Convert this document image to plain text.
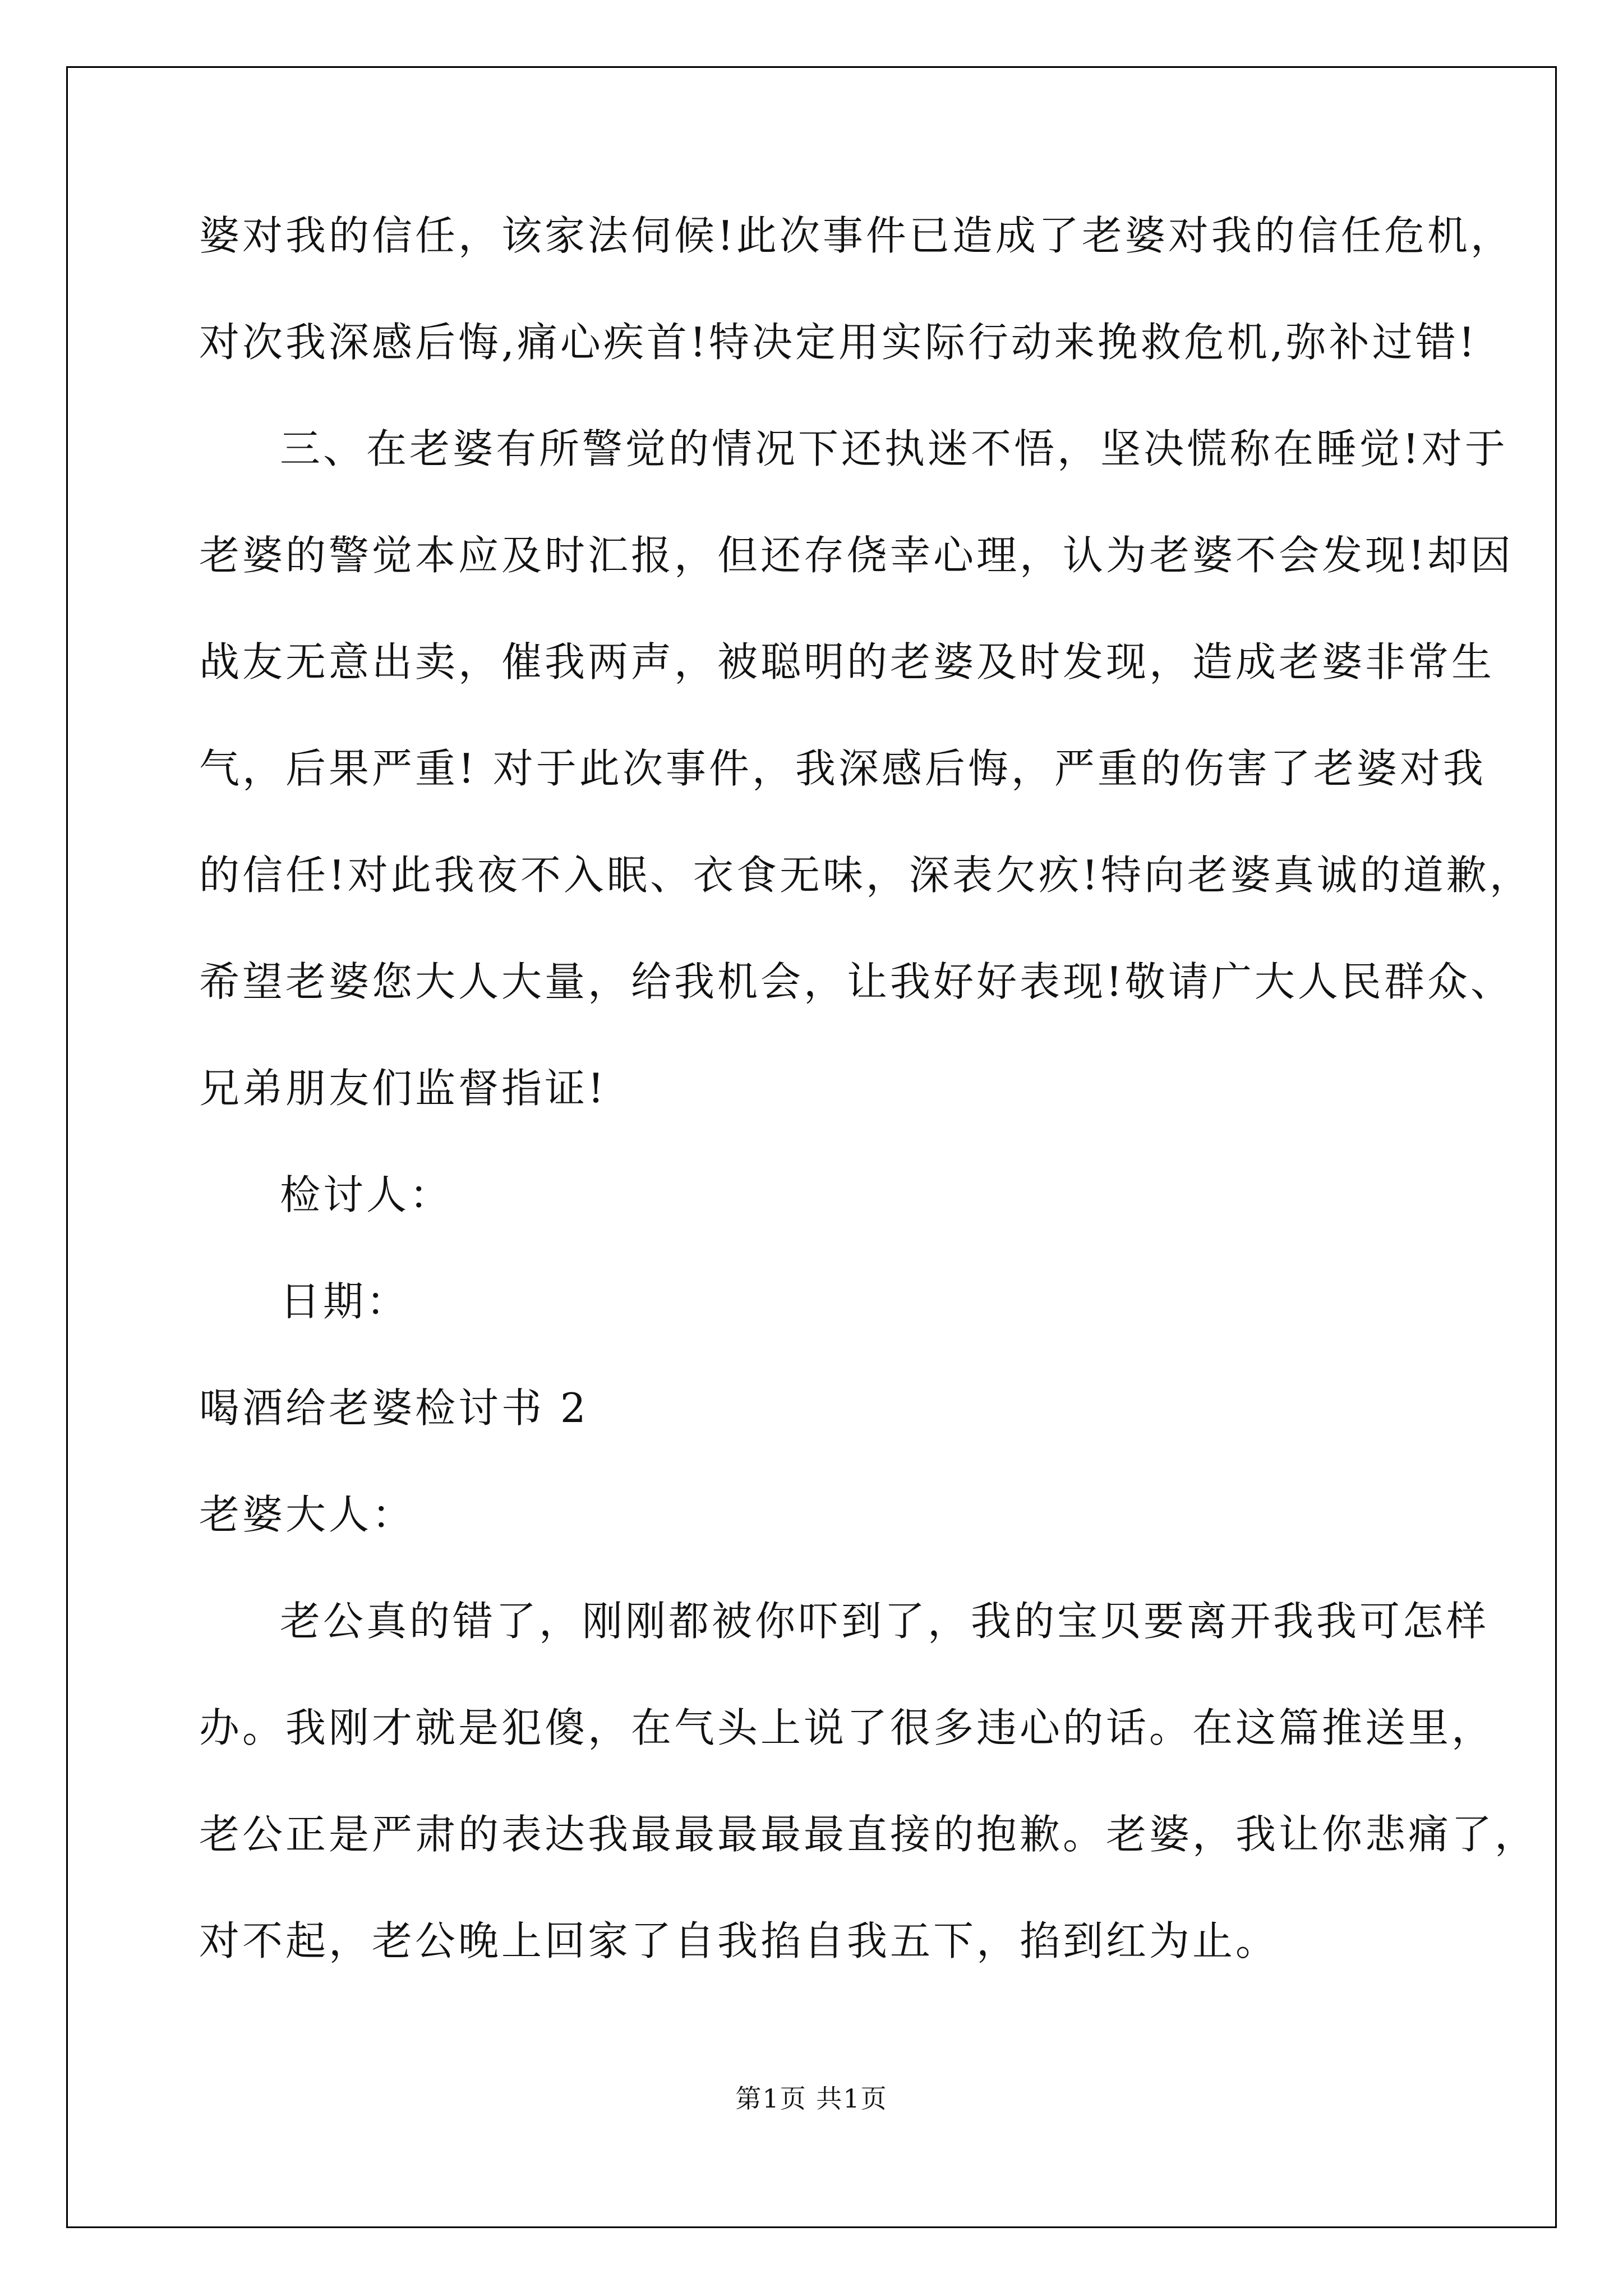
婆对我的信任，该家法伺候!此次事件已造成了老婆对我的信任危机，
对次我深感后悔,痛心疾首!特决定用实际行动来挽救危机,弥补过错!
三、在老婆有所警觉的情况下还执迷不悟，坚决慌称在睡觉!对于
老婆的警觉本应及时汇报，但还存侥幸心理，认为老婆不会发现!却因
战友无意出卖，催我两声，被聪明的老婆及时发现，造成老婆非常生
气，后果严重! 对于此次事件，我深感后悔，严重的伤害了老婆对我
的信任!对此我夜不入眠、衣食无味，深表欠疚!特向老婆真诚的道歉，
希望老婆您大人大量，给我机会，让我好好表现!敬请广大人民群众、
兄弟朋友们监督指证!
检讨人：
日期：
喝酒给老婆检讨书 2
老婆大人：
老公真的错了，刚刚都被你吓到了，我的宝贝要离开我我可怎样
办。我刚才就是犯傻，在气头上说了很多违心的话。在这篇推送里，
老公正是严肃的表达我最最最最最直接的抱歉。老婆，我让你悲痛了，
对不起，老公晚上回家了自我掐自我五下，掐到红为止。
第1页 共1页
